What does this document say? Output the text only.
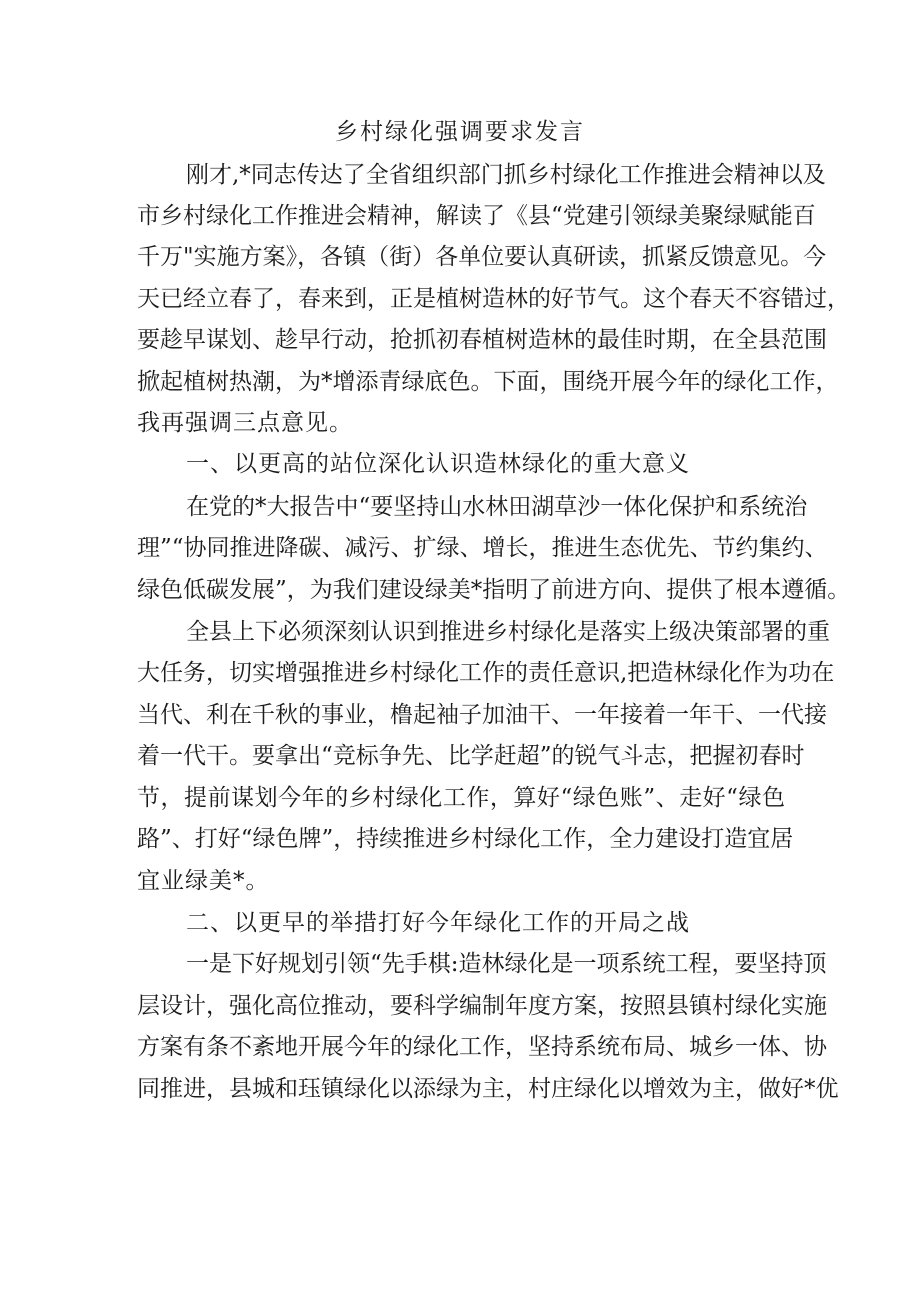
乡村绿化强调要求发言
刚才,*同志传达了全省组织部门抓乡村绿化工作推进会精神以及
市乡村绿化工作推进会精神，解读了《县“党建引领绿美聚绿赋能百
千万"实施方案》，各镇（街）各单位要认真研读，抓紧反馈意见。今
天已经立春了，春来到，正是植树造林的好节气。这个春天不容错过，
要趁早谋划、趁早行动，抢抓初春植树造林的最佳时期，在全县范围
掀起植树热潮，为*增添青绿底色。下面，围绕开展今年的绿化工作，
我再强调三点意见。
一、以更高的站位深化认识造林绿化的重大意义
在党的*大报告中“要坚持山水林田湖草沙一体化保护和系统治
理”“协同推进降碳、减污、扩绿、增长，推进生态优先、节约集约、
绿色低碳发展”，为我们建设绿美*指明了前进方向、提供了根本遵循。
全县上下必须深刻认识到推进乡村绿化是落实上级决策部署的重
大任务，切实增强推进乡村绿化工作的责任意识,把造林绿化作为功在
当代、利在千秋的事业，橹起袖子加油干、一年接着一年干、一代接
着一代干。要拿出“竞标争先、比学赶超”的锐气斗志，把握初春时
节，提前谋划今年的乡村绿化工作，算好“绿色账”、走好“绿色
路”、打好“绿色牌”，持续推进乡村绿化工作，全力建设打造宜居
宜业绿美*。
二、以更早的举措打好今年绿化工作的开局之战
一是下好规划引领“先手棋:造林绿化是一项系统工程，要坚持顶
层设计，强化高位推动，要科学编制年度方案，按照县镇村绿化实施
方案有条不紊地开展今年的绿化工作，坚持系统布局、城乡一体、协
同推进，县城和珏镇绿化以添绿为主，村庄绿化以增效为主，做好*优
